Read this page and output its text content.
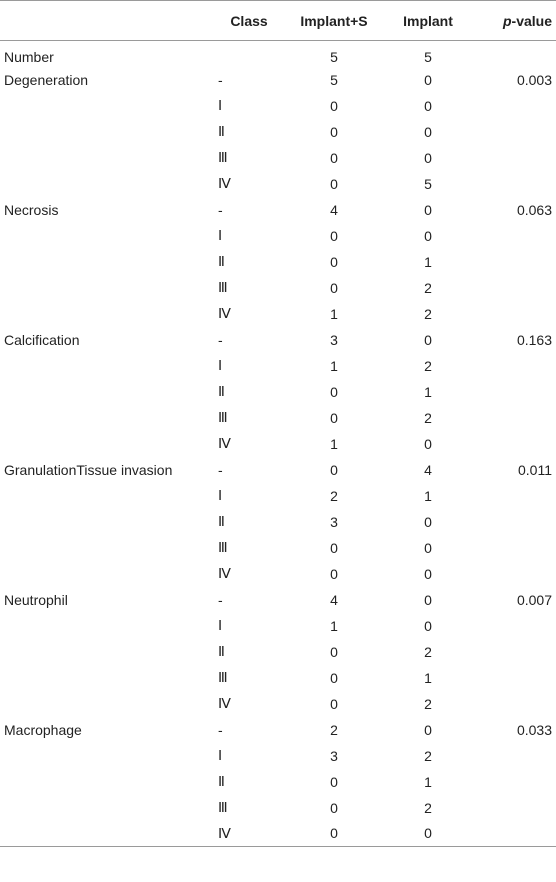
	Class	Implant+S	Implant	p-value
Number		5	5	
Degeneration	-	5	0	0.003
	Ⅰ	0	0	
	Ⅱ	0	0	
	Ⅲ	0	0	
	Ⅳ	0	5	
Necrosis	-	4	0	0.063
	Ⅰ	0	0	
	Ⅱ	0	1	
	Ⅲ	0	2	
	Ⅳ	1	2	
Calcification	-	3	0	0.163
	Ⅰ	1	2	
	Ⅱ	0	1	
	Ⅲ	0	2	
	Ⅳ	1	0	
GranulationTissue invasion	-	0	4	0.011
	Ⅰ	2	1	
	Ⅱ	3	0	
	Ⅲ	0	0	
	Ⅳ	0	0	
Neutrophil	-	4	0	0.007
	Ⅰ	1	0	
	Ⅱ	0	2	
	Ⅲ	0	1	
	Ⅳ	0	2	
Macrophage	-	2	0	0.033
	Ⅰ	3	2	
	Ⅱ	0	1	
	Ⅲ	0	2	
	Ⅳ	0	0	
